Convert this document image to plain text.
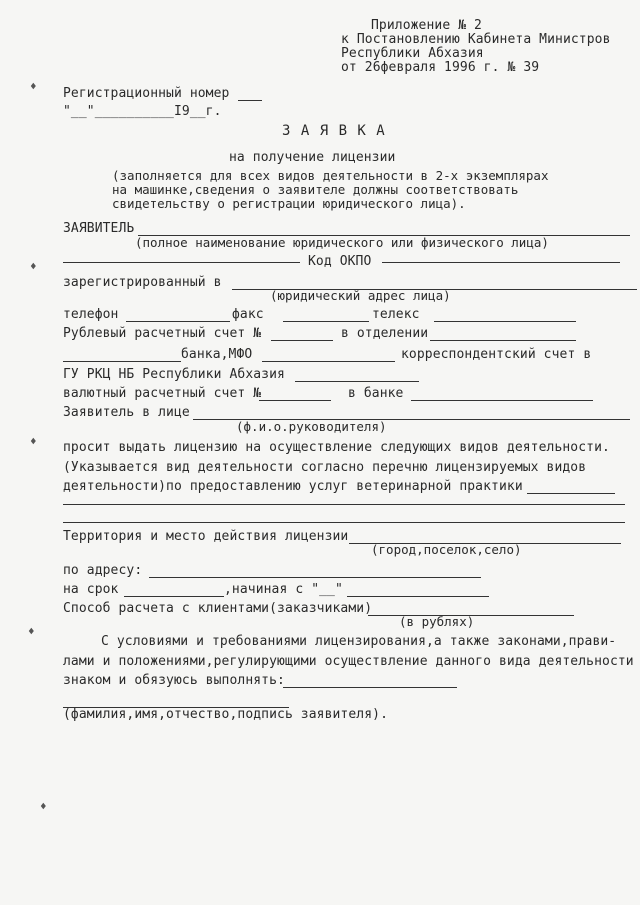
Приложение № 2
к Постановлению Кабинета Министров
Республики Абхазия
от 26февраля 1996 г. № 39
Регистрационный номер
"__"__________I9__г.
З А Я В К А
на получение лицензии
(заполняется для всех видов деятельности в 2-х экземплярах
на машинке,сведения о заявителе должны соответствовать
свидетельству о регистрации юридического лица).
ЗАЯВИТЕЛЬ
(полное наименование юридического или физического лица)
Код ОКПО
зарегистрированный в
(юридический адрес лица)
телефон	факс	телекс
Рублевый расчетный счет №	в отделении
банка,МФО	корреспондентский счет в
ГУ РКЦ НБ Республики Абхазия
валютный расчетный счет №	в банке
Заявитель в лице
(ф.и.о.руководителя)
просит выдать лицензию на осуществление следующих видов деятельности.
(Указывается вид деятельности согласно перечню лицензируемых видов
деятельности)по предоставлению услуг ветеринарной практики
Территория и место действия лицензии
(город,поселок,село)
по адресу:
на срок	,начиная с "__"
Способ расчета с клиентами(заказчиками)
(в рублях)
С условиями и требованиями лицензирования,а также законами,прави-
лами и положениями,регулирующими осуществление данного вида деятельности
знаком и обязуюсь выполнять:
(фамилия,имя,отчество,подпись заявителя).
♦
♦
♦
♦
♦
